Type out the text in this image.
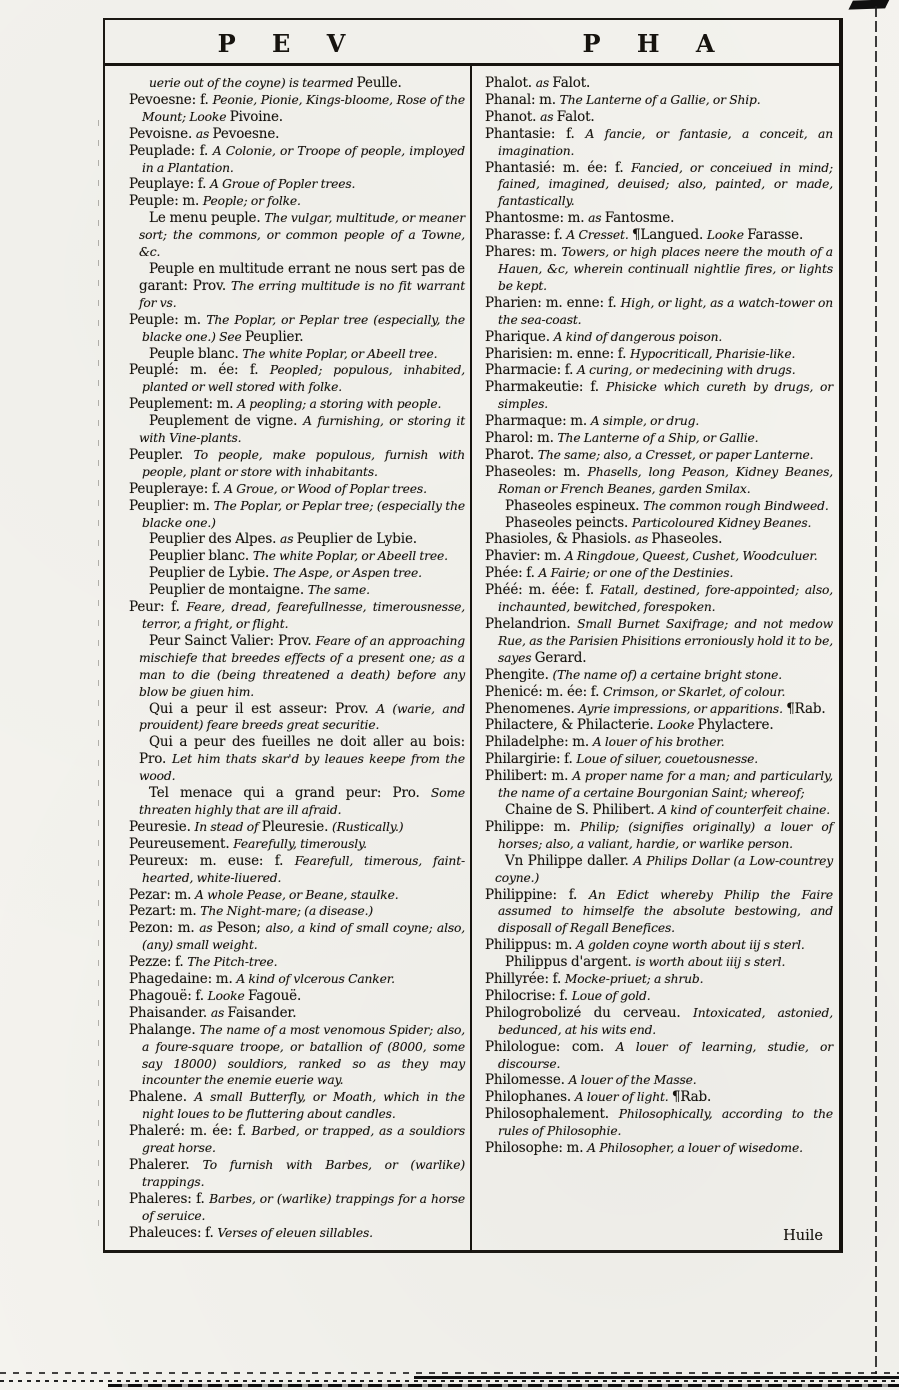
P E V	P H A

uerie out of the coyne) is tearmed Peulle.

Pevoesne: f. Peonie, Pionie, Kings-bloome, Rose of the Mount; Looke Pivoine.

Pevoisne. as Pevoesne.

Peuplade: f. A Colonie, or Troope of people, imployed in a Plantation.

Peuplaye: f. A Groue of Popler trees.

Peuple: m. People; or folke.

Le menu peuple. The vulgar, multitude, or meaner sort; the commons, or common people of a Towne, &c.

Peuple en multitude errant ne nous sert pas de garant: Prov. The erring multitude is no fit warrant for vs.

Peuple: m. The Poplar, or Peplar tree (especially, the blacke one.) See Peuplier.

Peuple blanc. The white Poplar, or Abeell tree.

Peuplé: m. ée: f. Peopled; populous, inhabited, planted or well stored with folke.

Peuplement: m. A peopling; a storing with people.

Peuplement de vigne. A furnishing, or storing it with Vine-plants.

Peupler. To people, make populous, furnish with people, plant or store with inhabitants.

Peupleraye: f. A Groue, or Wood of Poplar trees.

Peuplier: m. The Poplar, or Peplar tree; (especially the blacke one.)

Peuplier des Alpes. as Peuplier de Lybie.

Peuplier blanc. The white Poplar, or Abeell tree.

Peuplier de Lybie. The Aspe, or Aspen tree.

Peuplier de montaigne. The same.

Peur: f. Feare, dread, fearefullnesse, timerousnesse, terror, a fright, or flight.

Peur Sainct Valier: Prov. Feare of an approaching mischiefe that breedes effects of a present one; as a man to die (being threatened a death) before any blow be giuen him.

Qui a peur il est asseur: Prov. A (warie, and prouident) feare breeds great securitie.

Qui a peur des fueilles ne doit aller au bois: Pro. Let him thats skar'd by leaues keepe from the wood.

Tel menace qui a grand peur: Pro. Some threaten highly that are ill afraid.

Peuresie. In stead of Pleuresie. (Rustically.)

Peureusement. Fearefully, timerously.

Peureux: m. euse: f. Fearefull, timerous, faint-hearted, white-liuered.

Pezar: m. A whole Pease, or Beane, staulke.

Pezart: m. The Night-mare; (a disease.)

Pezon: m. as Peson; also, a kind of small coyne; also, (any) small weight.

Pezze: f. The Pitch-tree.

Phagedaine: m. A kind of vlcerous Canker.

Phagouë: f. Looke Fagouë.

Phaisander. as Faisander.

Phalange. The name of a most venomous Spider; also, a foure-square troope, or batallion of (8000, some say 18000) souldiors, ranked so as they may incounter the enemie euerie way.

Phalene. A small Butterfly, or Moath, which in the night loues to be fluttering about candles.

Phaleré: m. ée: f. Barbed, or trapped, as a souldiors great horse.

Phalerer. To furnish with Barbes, or (warlike) trappings.

Phaleres: f. Barbes, or (warlike) trappings for a horse of seruice.

Phaleuces: f. Verses of eleuen sillables.

Phalot. as Falot.

Phanal: m. The Lanterne of a Gallie, or Ship.

Phanot. as Falot.

Phantasie: f. A fancie, or fantasie, a conceit, an imagination.

Phantasié: m. ée: f. Fancied, or conceiued in mind; fained, imagined, deuised; also, painted, or made, fantastically.

Phantosme: m. as Fantosme.

Pharasse: f. A Cresset. ¶Langued. Looke Farasse.

Phares: m. Towers, or high places neere the mouth of a Hauen, &c, wherein continuall nightlie fires, or lights be kept.

Pharien: m. enne: f. High, or light, as a watch-tower on the sea-coast.

Pharique. A kind of dangerous poison.

Pharisien: m. enne: f. Hypocriticall, Pharisie-like.

Pharmacie: f. A curing, or medecining with drugs.

Pharmakeutie: f. Phisicke which cureth by drugs, or simples.

Pharmaque: m. A simple, or drug.

Pharol: m. The Lanterne of a Ship, or Gallie.

Pharot. The same; also, a Cresset, or paper Lanterne.

Phaseoles: m. Phasells, long Peason, Kidney Beanes, Roman or French Beanes, garden Smilax.

Phaseoles espineux. The common rough Bindweed.

Phaseoles peincts. Particoloured Kidney Beanes.

Phasioles, & Phasiols. as Phaseoles.

Phavier: m. A Ringdoue, Queest, Cushet, Woodculuer.

Phée: f. A Fairie; or one of the Destinies.

Phéé: m. éée: f. Fatall, destined, fore-appointed; also, inchaunted, bewitched, forespoken.

Phelandrion. Small Burnet Saxifrage; and not medow Rue, as the Parisien Phisitions erroniously hold it to be, sayes Gerard.

Phengite. (The name of) a certaine bright stone.

Phenicé: m. ée: f. Crimson, or Skarlet, of colour.

Phenomenes. Ayrie impressions, or apparitions. ¶Rab.

Philactere, & Philacterie. Looke Phylactere.

Philadelphe: m. A louer of his brother.

Philargirie: f. Loue of siluer, couetousnesse.

Philibert: m. A proper name for a man; and particularly, the name of a certaine Bourgonian Saint; whereof;

Chaine de S. Philibert. A kind of counterfeit chaine.

Philippe: m. Philip; (signifies originally) a louer of horses; also, a valiant, hardie, or warlike person.

Vn Philippe daller. A Philips Dollar (a Low-countrey coyne.)

Philippine: f. An Edict whereby Philip the Faire assumed to himselfe the absolute bestowing, and disposall of Regall Benefices.

Philippus: m. A golden coyne worth about iij s sterl.

Philippus d'argent. is worth about iiij s sterl.

Phillyrée: f. Mocke-priuet; a shrub.

Philocrise: f. Loue of gold.

Philogrobolizé du cerveau. Intoxicated, astonied, bedunced, at his wits end.

Philologue: com. A louer of learning, studie, or discourse.

Philomesse. A louer of the Masse.

Philophanes. A louer of light. ¶Rab.

Philosophalement. Philosophically, according to the rules of Philosophie.

Philosophe: m. A Philosopher, a louer of wisedome.

Huile
